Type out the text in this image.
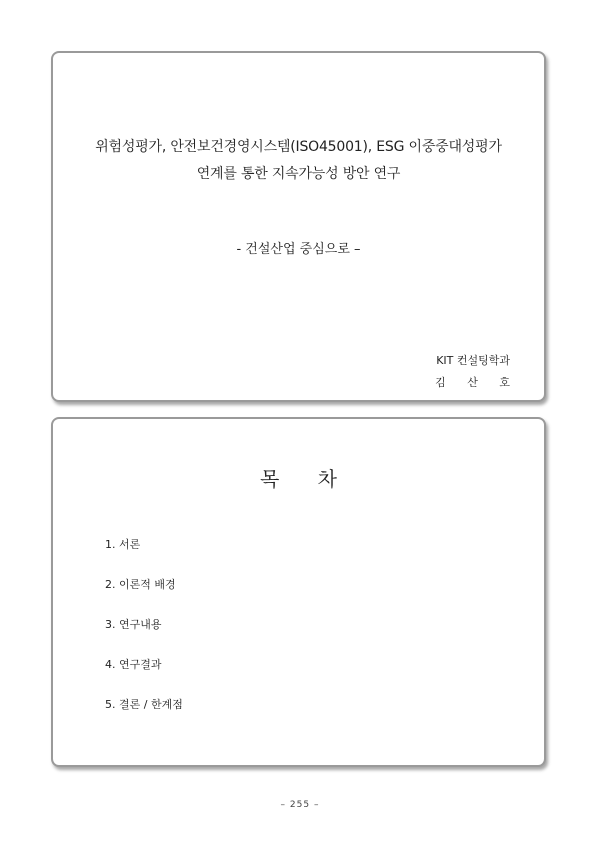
위험성평가, 안전보건경영시스템(ISO45001), ESG 이중중대성평가
연계를 통한 지속가능성 방안 연구
- 건설산업 중심으로 –
KIT 컨설팅학과
김 산 호
목 차
1. 서론
2. 이론적 배경
3. 연구내용
4. 연구결과
5. 결론 / 한계점
– 255 –
